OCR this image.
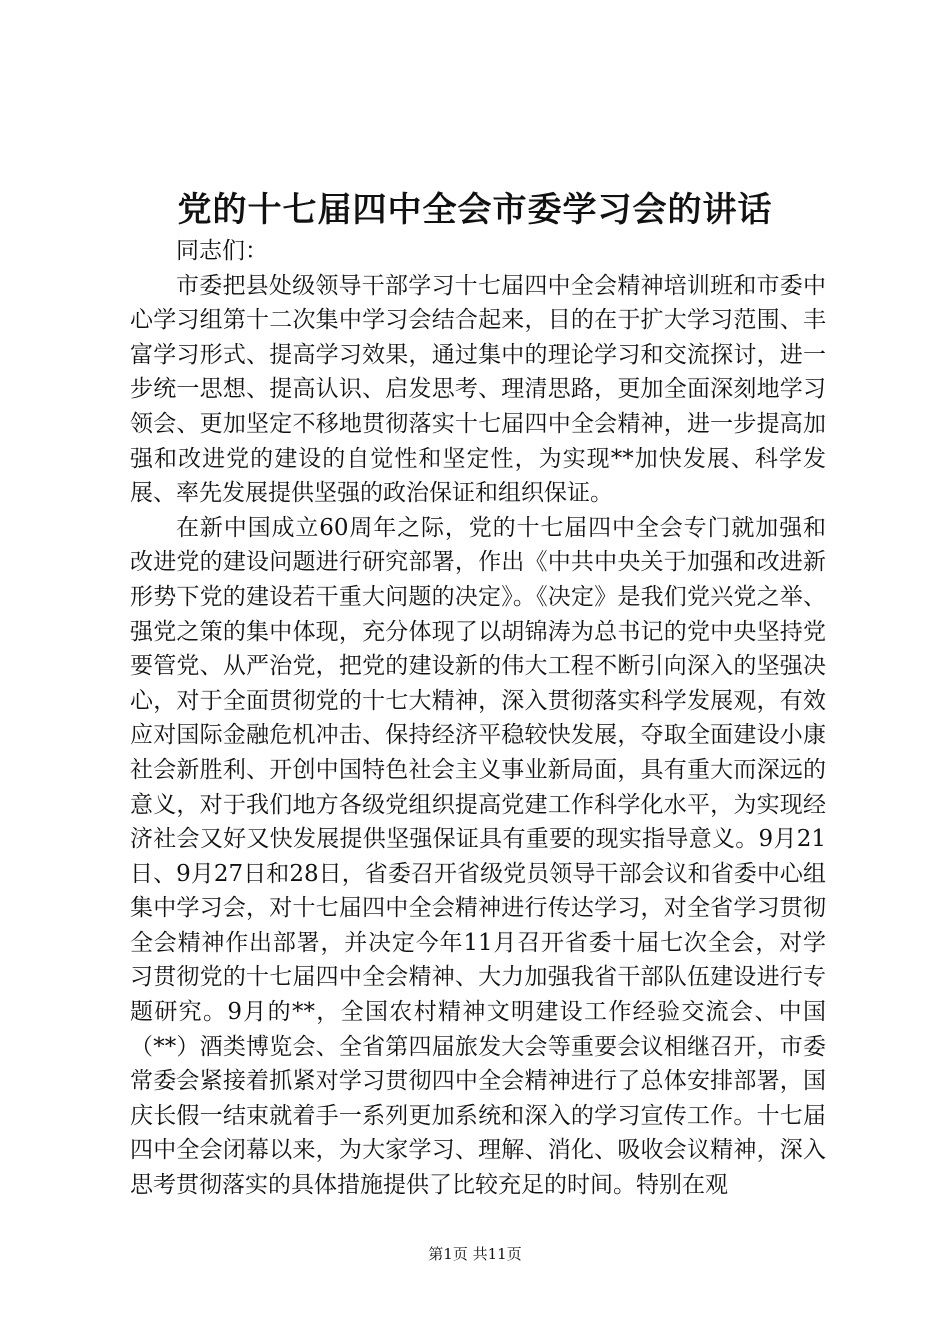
党的十七届四中全会市委学习会的讲话

同志们：

市委把县处级领导干部学习十七届四中全会精神培训班和市委中心学习组第十二次集中学习会结合起来，目的在于扩大学习范围、丰富学习形式、提高学习效果，通过集中的理论学习和交流探讨，进一步统一思想、提高认识、启发思考、理清思路，更加全面深刻地学习领会、更加坚定不移地贯彻落实十七届四中全会精神，进一步提高加强和改进党的建设的自觉性和坚定性，为实现**加快发展、科学发展、率先发展提供坚强的政治保证和组织保证。

在新中国成立60周年之际，党的十七届四中全会专门就加强和改进党的建设问题进行研究部署，作出《中共中央关于加强和改进新形势下党的建设若干重大问题的决定》。《决定》是我们党兴党之举、强党之策的集中体现，充分体现了以胡锦涛为总书记的党中央坚持党要管党、从严治党，把党的建设新的伟大工程不断引向深入的坚强决心，对于全面贯彻党的十七大精神，深入贯彻落实科学发展观，有效应对国际金融危机冲击、保持经济平稳较快发展，夺取全面建设小康社会新胜利、开创中国特色社会主义事业新局面，具有重大而深远的意义，对于我们地方各级党组织提高党建工作科学化水平，为实现经济社会又好又快发展提供坚强保证具有重要的现实指导意义。9月21日、9月27日和28日，省委召开省级党员领导干部会议和省委中心组集中学习会，对十七届四中全会精神进行传达学习，对全省学习贯彻全会精神作出部署，并决定今年11月召开省委十届七次全会，对学习贯彻党的十七届四中全会精神、大力加强我省干部队伍建设进行专题研究。9月的**，全国农村精神文明建设工作经验交流会、中国（**）酒类博览会、全省第四届旅发大会等重要会议相继召开，市委常委会紧接着抓紧对学习贯彻四中全会精神进行了总体安排部署，国庆长假一结束就着手一系列更加系统和深入的学习宣传工作。十七届四中全会闭幕以来，为大家学习、理解、消化、吸收会议精神，深入思考贯彻落实的具体措施提供了比较充足的时间。特别在观

第1页 共11页
